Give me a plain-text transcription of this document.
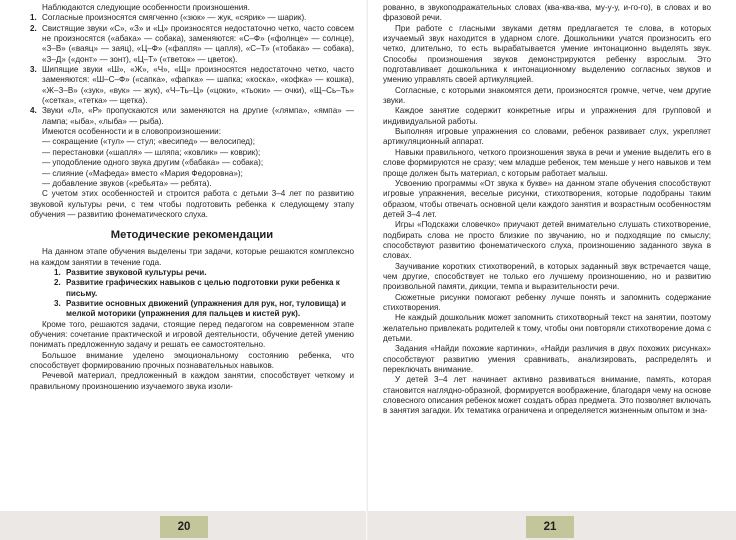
Наблюдаются следующие особенности произношения.

1. Согласные произносятся смягченно («зюк» — жук, «сярик» — шарик).

2. Свистящие звуки «С», «З» и «Ц» произносятся недостаточно четко, часто совсем не произносятся («абака» — собака), заменяются: «С–Ф» («фолнце» — солнце), «З–В» («ваяц» — заяц), «Ц–Ф» («фапля» — цапля), «С–Т» («тобака» — собака), «З–Д» («донт» — зонт), «Ц–Т» («тветок» — цветок).

3. Шипящие звуки «Ш», «Ж», «Ч», «Щ» произносятся недостаточно четко, часто заменяются: «Ш–С–Ф» («сапка», «фапка» — шапка; «коска», «кофка» — кошка), «Ж–З–В» («зук», «вук» — жук), «Ч–Ть–Ц» («цоки», «тьоки» — очки), «Щ–Сь–Ть» («сетка», «тетка» — щетка).

4. Звуки «Л», «Р» пропускаются или заменяются на другие («лямпа», «ямпа» — лампа; «ыба», «лыба» — рыба).

Имеются особенности и в словопроизношении:

— сокращение («тул» — стул; «весипед» — велосипед);

— перестановки («шапля» — шляпа; «ковлик» — коврик);

— уподобление одного звука другим («бабака» — собака);

— слияние («Мафеда» вместо «Мария Федоровна»);

— добавление звуков («ребьята» — ребята).

С учетом этих особенностей и строится работа с детьми 3–4 лет по развитию звуковой культуры речи, с тем чтобы подготовить ребенка к следующему этапу обучения — развитию фонематического слуха.

Методические рекомендации

На данном этапе обучения выделены три задачи, которые решаются комплексно на каждом занятии в течение года.

1. Развитие звуковой культуры речи.

2. Развитие графических навыков с целью подготовки руки ребенка к письму.

3. Развитие основных движений (упражнения для рук, ног, туловища) и мелкой моторики (упражнения для пальцев и кистей рук).

Кроме того, решаются задачи, стоящие перед педагогом на современном этапе обучения: сочетание практической и игровой деятельности, обучение детей умению понимать предложенную задачу и решать ее самостоятельно.

Большое внимание уделено эмоциональному состоянию ребенка, что способствует формированию прочных познавательных навыков.

Речевой материал, предложенный в каждом занятии, способствует четкому и правильному произношению изучаемого звука изоли-

20

рованно, в звукоподражательных словах (ква-ква-ква, му-у-у, и-го-го), в словах и во фразовой речи.

При работе с гласными звуками детям предлагается те слова, в которых изучаемый звук находится в ударном слоге. Дошкольники учатся произносить его четко, длительно, то есть вырабатывается умение интонационно выделять звук. Способы произношения звуков демонстрируются ребенку взрослым. Это подготавливает дошкольника к интонационному выделению согласных звуков и умению управлять своей артикуляцией.

Согласные, с которыми знакомятся дети, произносятся громче, четче, чем другие звуки.

Каждое занятие содержит конкретные игры и упражнения для групповой и индивидуальной работы.

Выполняя игровые упражнения со словами, ребенок развивает слух, укрепляет артикуляционный аппарат.

Навыки правильного, четкого произношения звука в речи и умение выделить его в слове формируются не сразу; чем младше ребенок, тем меньше у него навыков и тем проще должен быть материал, с которым работает малыш.

Усвоению программы «От звука к букве» на данном этапе обучения способствуют игровые упражнения, веселые рисунки, стихотворения, которые подобраны таким образом, чтобы отвечать основной цели каждого занятия и возрастным особенностям детей 3–4 лет.

Игры «Подскажи словечко» приучают детей внимательно слушать стихотворение, подбирать слова не просто близкие по звучанию, но и подходящие по смыслу; способствуют развитию фонематического слуха, произношению заданного звука в словах.

Заучивание коротких стихотворений, в которых заданный звук встречается чаще, чем другие, способствует не только его лучшему произношению, но и развитию произвольной памяти, дикции, темпа и выразительности речи.

Сюжетные рисунки помогают ребенку лучше понять и запомнить содержание стихотворения.

Не каждый дошкольник может запомнить стихотворный текст на занятии, поэтому желательно привлекать родителей к тому, чтобы они повторяли стихотворение дома с детьми.

Задания «Найди похожие картинки», «Найди различия в двух похожих рисунках» способствуют развитию умения сравнивать, анализировать, распределять и переключать внимание.

У детей 3–4 лет начинает активно развиваться внимание, память, которая становится наглядно-образной, формируется воображение, благодаря чему на основе словесного описания ребенок может создать образ предмета. Это позволяет включать в занятия загадки. Их тематика ограничена и определяется жизненным опытом и зна-

21
